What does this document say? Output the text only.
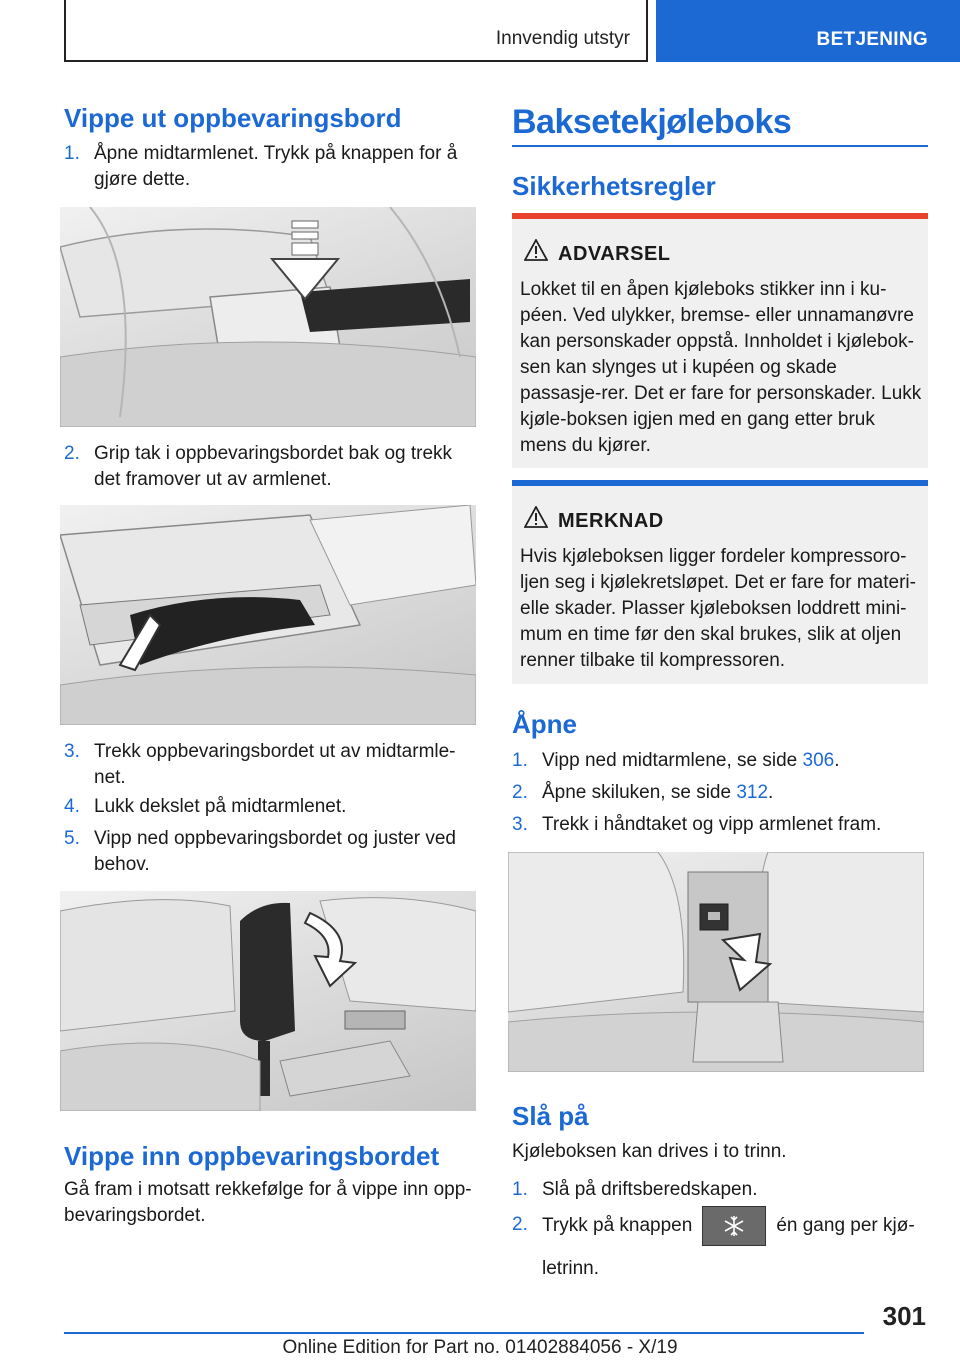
Innvendig utstyr	BETJENING
Vippe ut oppbevaringsbord
1. Åpne midtarmlenet. Trykk på knappen for å gjøre dette.
2. Grip tak i oppbevaringsbordet bak og trekk det framover ut av armlenet.
3. Trekk oppbevaringsbordet ut av midtarmle-net.
4. Lukk dekslet på midtarmlenet.
5. Vipp ned oppbevaringsbordet og juster ved behov.
Vippe inn oppbevaringsbordet
Gå fram i motsatt rekkefølge for å vippe inn opp-bevaringsbordet.
Baksetekjøleboks
Sikkerhetsregler
ADVARSEL
Lokket til en åpen kjøleboks stikker inn i ku-péen. Ved ulykker, bremse- eller unnamanøvre kan personskader oppstå. Innholdet i kjølebok-sen kan slynges ut i kupéen og skade passasje-rer. Det er fare for personskader. Lukk kjøle-boksen igjen med en gang etter bruk mens du kjører.
MERKNAD
Hvis kjøleboksen ligger fordeler kompressoro-ljen seg i kjølekretsløpet. Det er fare for materi-elle skader. Plasser kjøleboksen loddrett mini-mum en time før den skal brukes, slik at oljen renner tilbake til kompressoren.
Åpne
1. Vipp ned midtarmlene, se side 306.
2. Åpne skiluken, se side 312.
3. Trekk i håndtaket og vipp armlenet fram.
Slå på
Kjøleboksen kan drives i to trinn.
1. Slå på driftsberedskapen.
2. Trykk på knappen	én gang per kjø-
letrinn.
301
Online Edition for Part no. 01402884056 - X/19
